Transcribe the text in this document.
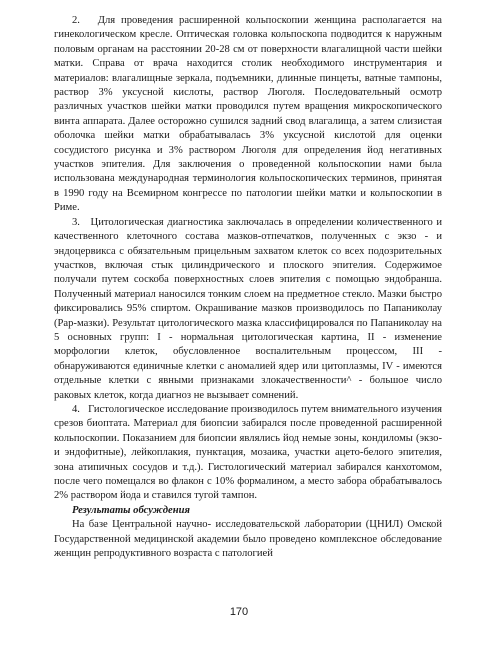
2.   Для проведения расширенной кольпоскопии женщина располагается на гинекологическом кресле. Оптическая головка кольпоскопа подводится к наружным половым органам на расстоянии 20-28 см от поверхности влагалищной части шейки матки. Справа от врача находится столик необходимого инструментария и материалов: влагалищные зеркала, подъемники, длинные пинцеты, ватные тампоны, раствор 3% уксусной кислоты, раствор Люголя. Последовательный осмотр различных участков шейки матки проводился путем вращения микроскопического винта аппарата. Далее осторожно сушился задний свод влагалища, а затем слизистая оболочка шейки матки обрабатывалась 3% уксусной кислотой для оценки сосудистого рисунка и 3% раствором Люголя для определения йод негативных участков эпителия. Для заключения о проведенной кольпоскопии нами была использована международная терминология кольпоскопических терминов, принятая в 1990 году на Всемирном конгрессе по патологии шейки матки и кольпоскопии в Риме.

3.   Цитологическая диагностика заключалась в определении количественного и качественного клеточного состава мазков-отпечатков, полученных с экзо - и эндоцервикса с обязательным прицельным захватом клеток со всех подозрительных участков, включая стык цилиндрического и плоского эпителия. Содержимое получали путем соскоба поверхностных слоев эпителия с помощью эндобранша. Полученный материал наносился тонким слоем на предметное стекло. Мазки быстро фиксировались 95% спиртом. Окрашивание мазков производилось по Папаниколау (Pap-мазки). Результат цитологического мазка классифицировался по Папаниколау на 5 основных групп: I - нормальная цитологическая картина, II - изменение морфологии клеток, обусловленное воспалительным процессом, III - обнаруживаются единичные клетки с аномалией ядер или цитоплазмы, IV - имеются отдельные клетки с явными признаками злокачественности^ - большое число раковых клеток, когда диагноз не вызывает сомнений.

4.   Гистологическое исследование производилось путем внимательного изучения срезов биоптата. Материал для биопсии забирался после проведенной расширенной кольпоскопии. Показанием для биопсии являлись йод немые зоны, кондиломы (экзо-и эндофитные), лейкоплакия, пунктация, мозаика, участки ацето-белого эпителия, зона атипичных сосудов и т.д.). Гистологический материал забирался канхотомом, после чего помещался во флакон с 10% формалином, а место забора обрабатывалось 2% раствором йода и ставился тугой тампон.

Результаты обсуждения

На базе Центральной научно- исследовательской лаборатории (ЦНИЛ) Омской Государственной медицинской академии было проведено комплексное обследование женщин репродуктивного возраста с патологией

170
